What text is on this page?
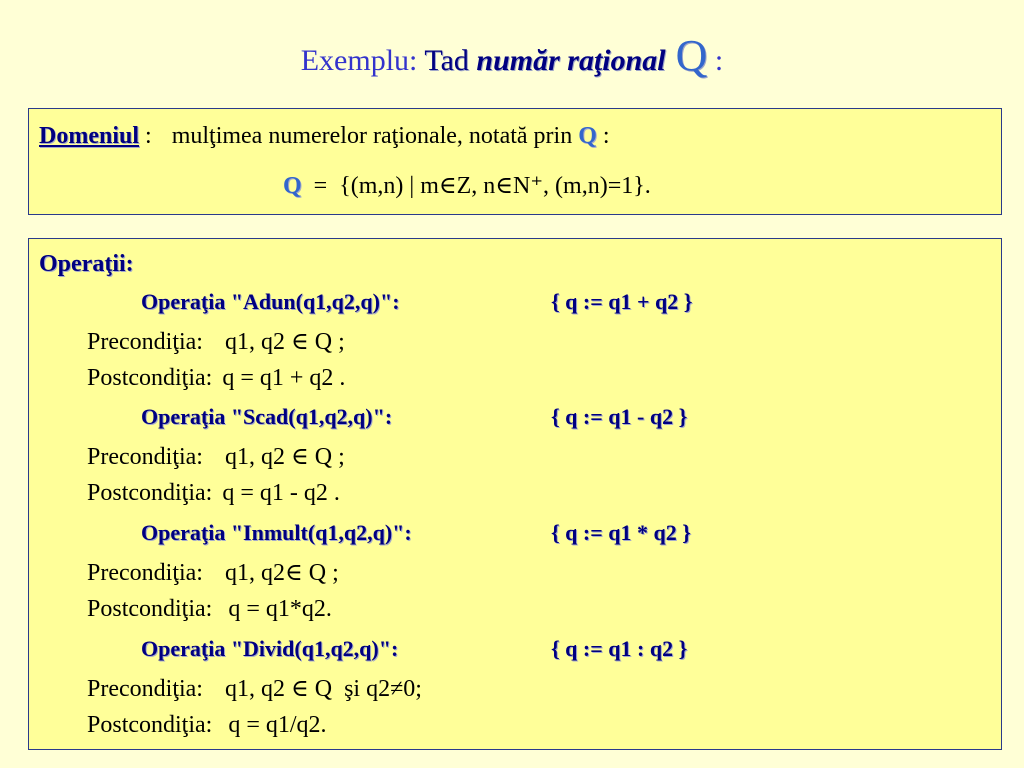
Exemplu: Tad număr raţional Q :
Domeniul : mulţimea numerelor raţionale, notată prin Q :
Q  =  {(m,n) | m∈Z, n∈N⁺, (m,n)=1}.
Operaţii:
Operaţia "Adun(q1,q2,q)":	{ q := q1 + q2 }
Precondiţia: q1, q2 ∈ Q ;
Postcondiţia: q = q1 + q2 .
Operaţia "Scad(q1,q2,q)":	{ q := q1 - q2 }
Precondiţia: q1, q2 ∈ Q ;
Postcondiţia: q = q1 - q2 .
Operaţia "Inmult(q1,q2,q)":	{ q := q1 * q2 }
Precondiţia: q1, q2∈ Q ;
Postcondiţia: q = q1*q2.
Operaţia "Divid(q1,q2,q)":	{ q := q1 : q2 }
Precondiţia: q1, q2 ∈ Q  şi q2≠0;
Postcondiţia: q = q1/q2.
